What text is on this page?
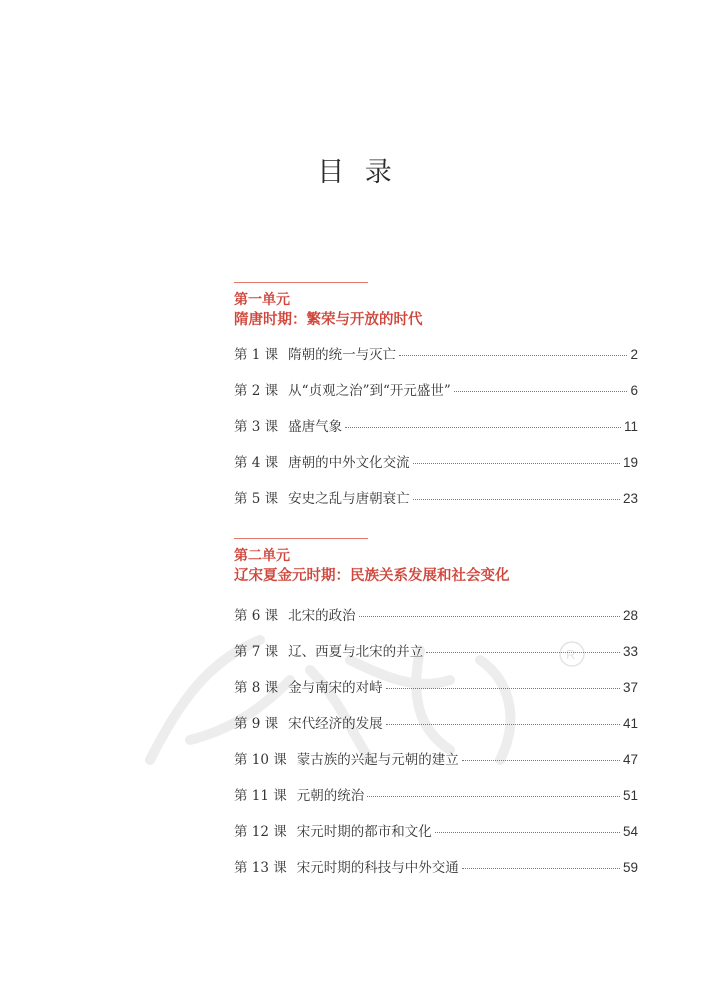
R
目 录
第一单元
隋唐时期：繁荣与开放的时代
第 1 课 隋朝的统一与灭亡	2
第 2 课 从“贞观之治”到“开元盛世”	6
第 3 课 盛唐气象	11
第 4 课 唐朝的中外文化交流	19
第 5 课 安史之乱与唐朝衰亡	23
第二单元
辽宋夏金元时期：民族关系发展和社会变化
第 6 课 北宋的政治	28
第 7 课 辽、西夏与北宋的并立	33
第 8 课 金与南宋的对峙	37
第 9 课 宋代经济的发展	41
第 10 课 蒙古族的兴起与元朝的建立	47
第 11 课 元朝的统治	51
第 12 课 宋元时期的都市和文化	54
第 13 课 宋元时期的科技与中外交通	59
